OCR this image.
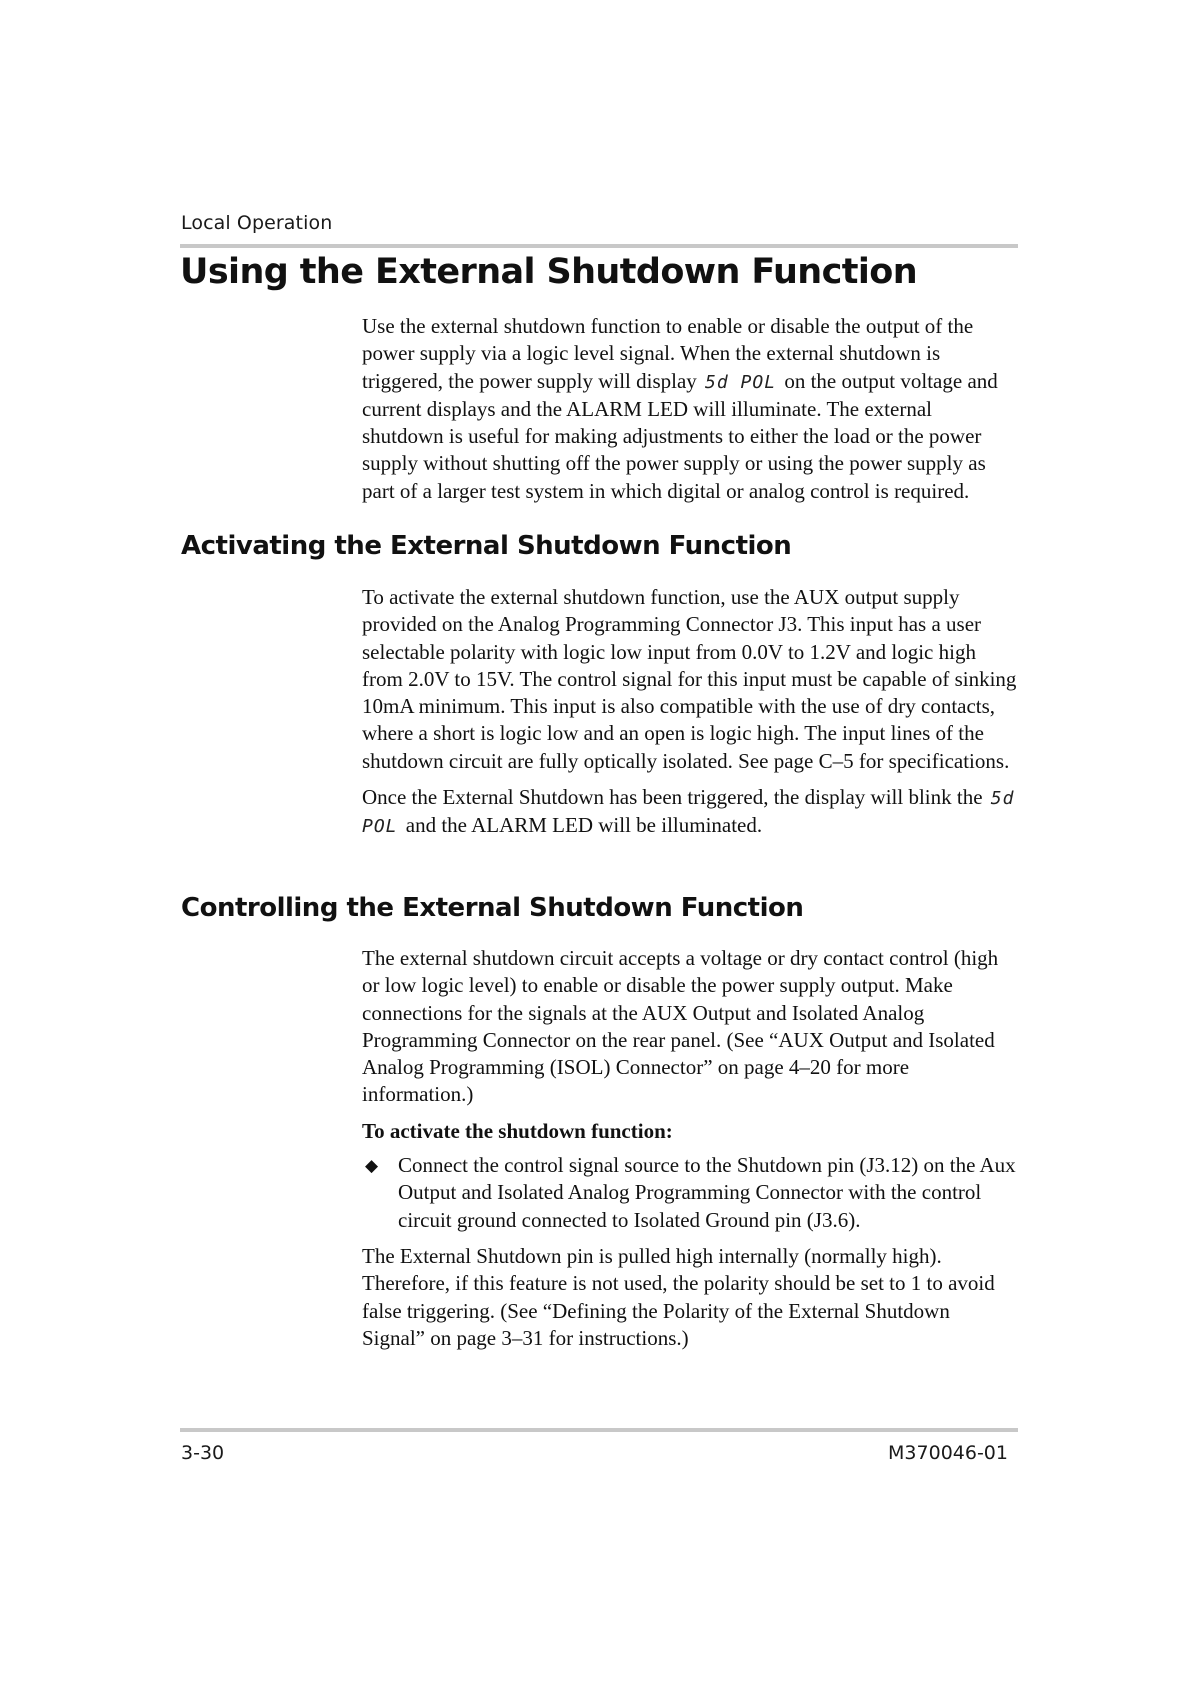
Local Operation
Using the External Shutdown Function

Use the external shutdown function to enable or disable the output of the power supply via a logic level signal. When the external shutdown is triggered, the power supply will display 5d POL on the output voltage and current displays and the ALARM LED will illuminate. The external shutdown is useful for making adjustments to either the load or the power supply without shutting off the power supply or using the power supply as part of a larger test system in which digital or analog control is required.

Activating the External Shutdown Function

To activate the external shutdown function, use the AUX output supply provided on the Analog Programming Connector J3. This input has a user selectable polarity with logic low input from 0.0V to 1.2V and logic high from 2.0V to 15V. The control signal for this input must be capable of sinking 10mA minimum. This input is also compatible with the use of dry contacts, where a short is logic low and an open is logic high. The input lines of the shutdown circuit are fully optically isolated. See page C–5 for specifications.

Once the External Shutdown has been triggered, the display will blink the 5d POL and the ALARM LED will be illuminated.

Controlling the External Shutdown Function

The external shutdown circuit accepts a voltage or dry contact control (high or low logic level) to enable or disable the power supply output. Make connections for the signals at the AUX Output and Isolated Analog Programming Connector on the rear panel. (See “AUX Output and Isolated Analog Programming (ISOL) Connector” on page 4–20 for more information.)

To activate the shutdown function:

◆ Connect the control signal source to the Shutdown pin (J3.12) on the Aux Output and Isolated Analog Programming Connector with the control circuit ground connected to Isolated Ground pin (J3.6).

The External Shutdown pin is pulled high internally (normally high). Therefore, if this feature is not used, the polarity should be set to 1 to avoid false triggering. (See “Defining the Polarity of the External Shutdown Signal” on page 3–31 for instructions.)

3-30	M370046-01
